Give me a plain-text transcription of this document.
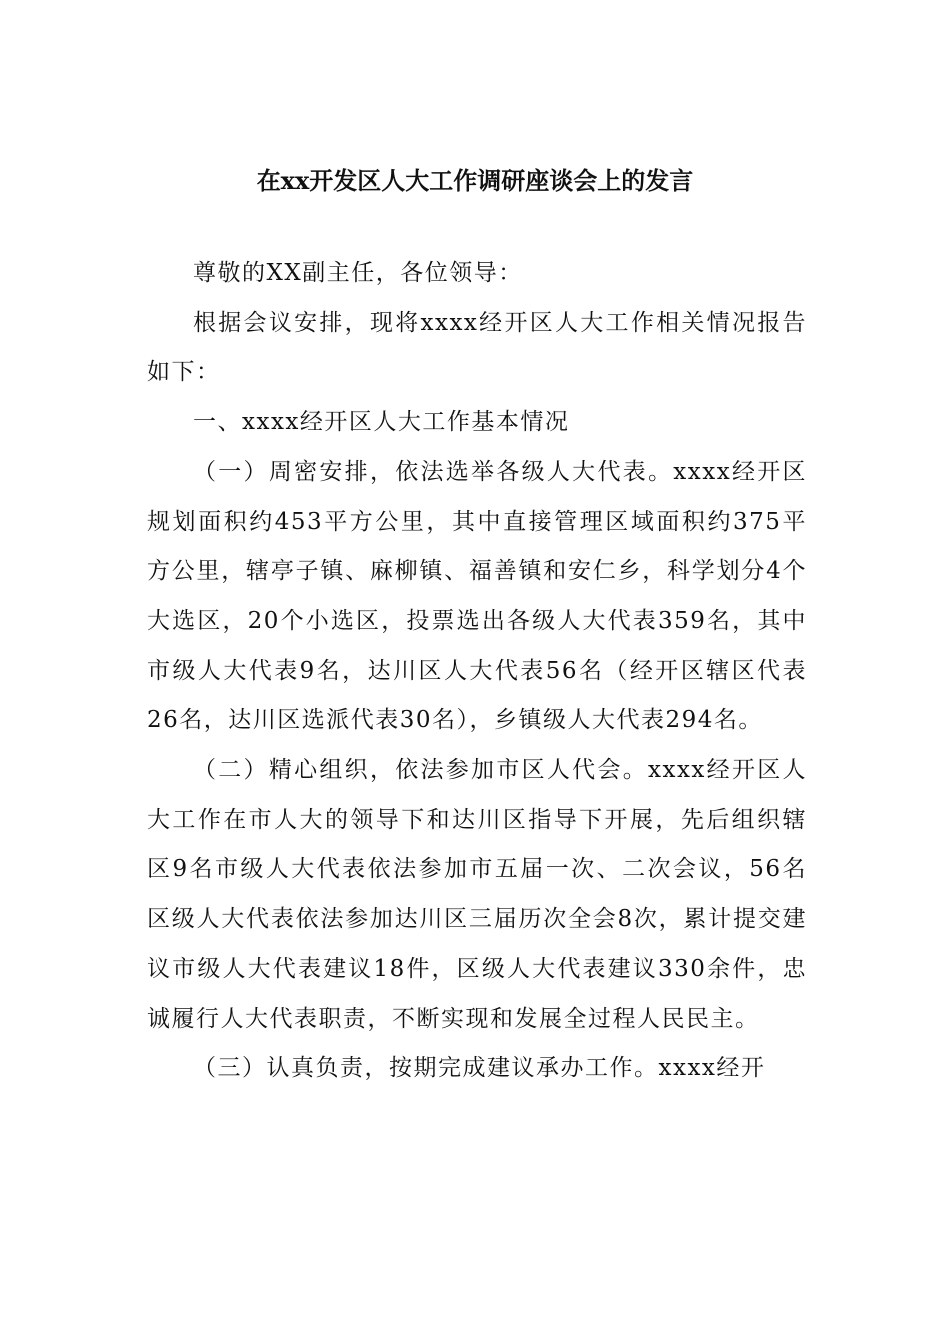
在xx开发区人大工作调研座谈会上的发言

尊敬的XX副主任，各位领导：

根据会议安排，现将xxxx经开区人大工作相关情况报告如下：

一、xxxx经开区人大工作基本情况

（一）周密安排，依法选举各级人大代表。xxxx经开区规划面积约453平方公里，其中直接管理区域面积约375平方公里，辖亭子镇、麻柳镇、福善镇和安仁乡，科学划分4个大选区，20个小选区，投票选出各级人大代表359名，其中市级人大代表9名，达川区人大代表56名（经开区辖区代表26名，达川区选派代表30名），乡镇级人大代表294名。

（二）精心组织，依法参加市区人代会。xxxx经开区人大工作在市人大的领导下和达川区指导下开展，先后组织辖区9名市级人大代表依法参加市五届一次、二次会议，56名区级人大代表依法参加达川区三届历次全会8次，累计提交建议市级人大代表建议18件，区级人大代表建议330余件，忠诚履行人大代表职责，不断实现和发展全过程人民民主。

（三）认真负责，按期完成建议承办工作。xxxx经开
